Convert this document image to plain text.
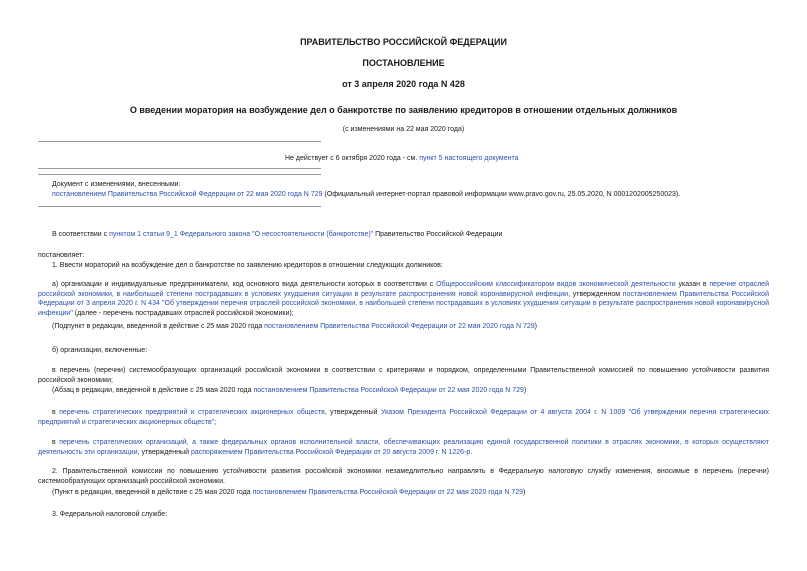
ПРАВИТЕЛЬСТВО РОССИЙСКОЙ ФЕДЕРАЦИИ
ПОСТАНОВЛЕНИЕ
от 3 апреля 2020 года N 428
О введении моратория на возбуждение дел о банкротстве по заявлению кредиторов в отношении отдельных должников
(с изменениями на 22 мая 2020 года)
Не действует с 6 октября 2020 года - см. пункт 5 настоящего документа
Документ с изменениями, внесенными:
постановлением Правительства Российской Федерации от 22 мая 2020 года N 729 (Официальный интернет-портал правовой информации www.pravo.gov.ru, 25.05.2020, N 0001202005250023).
В соответствии с пунктом 1 статьи 9_1 Федерального закона "О несостоятельности (банкротстве)" Правительство Российской Федерации
постановляет:
1. Ввести мораторий на возбуждение дел о банкротстве по заявлению кредиторов в отношении следующих должников:
а) организации и индивидуальные предприниматели, код основного вида деятельности которых в соответствии с Общероссийским классификатором видов экономической деятельности указан в перечне отраслей российской экономики, в наибольшей степени пострадавших в условиях ухудшения ситуации в результате распространения новой коронавирусной инфекции, утвержденном постановлением Правительства Российской Федерации от 3 апреля 2020 г. N 434 "Об утверждении перечня отраслей российской экономики, в наибольшей степени пострадавших в условиях ухудшения ситуации в результате распространения новой коронавирусной инфекции" (далее - перечень пострадавших отраслей российской экономики);
(Подпункт в редакции, введенной в действие с 25 мая 2020 года постановлением Правительства Российской Федерации от 22 мая 2020 года N 729)
б) организации, включенные:
в перечень (перечни) системообразующих организаций российской экономики в соответствии с критериями и порядком, определенными Правительственной комиссией по повышению устойчивости развития российской экономики;
(Абзац в редакции, введенной в действие с 25 мая 2020 года постановлением Правительства Российской Федерации от 22 мая 2020 года N 729)
в перечень стратегических предприятий и стратегических акционерных обществ, утвержденный Указом Президента Российской Федерации от 4 августа 2004 г. N 1009 "Об утверждении перечня стратегических предприятий и стратегических акционерных обществ";
в перечень стратегических организаций, а также федеральных органов исполнительной власти, обеспечивающих реализацию единой государственной политики в отраслях экономики, в которых осуществляют деятельность эти организации, утвержденный распоряжением Правительства Российской Федерации от 20 августа 2009 г. N 1226-р.
2. Правительственной комиссии по повышению устойчивости развития российской экономики незамедлительно направлять в Федеральную налоговую службу изменения, вносимые в перечень (перечни) системообразующих организаций российской экономики.
(Пункт в редакции, введенной в действие с 25 мая 2020 года постановлением Правительства Российской Федерации от 22 мая 2020 года N 729)
3. Федеральной налоговой службе:
